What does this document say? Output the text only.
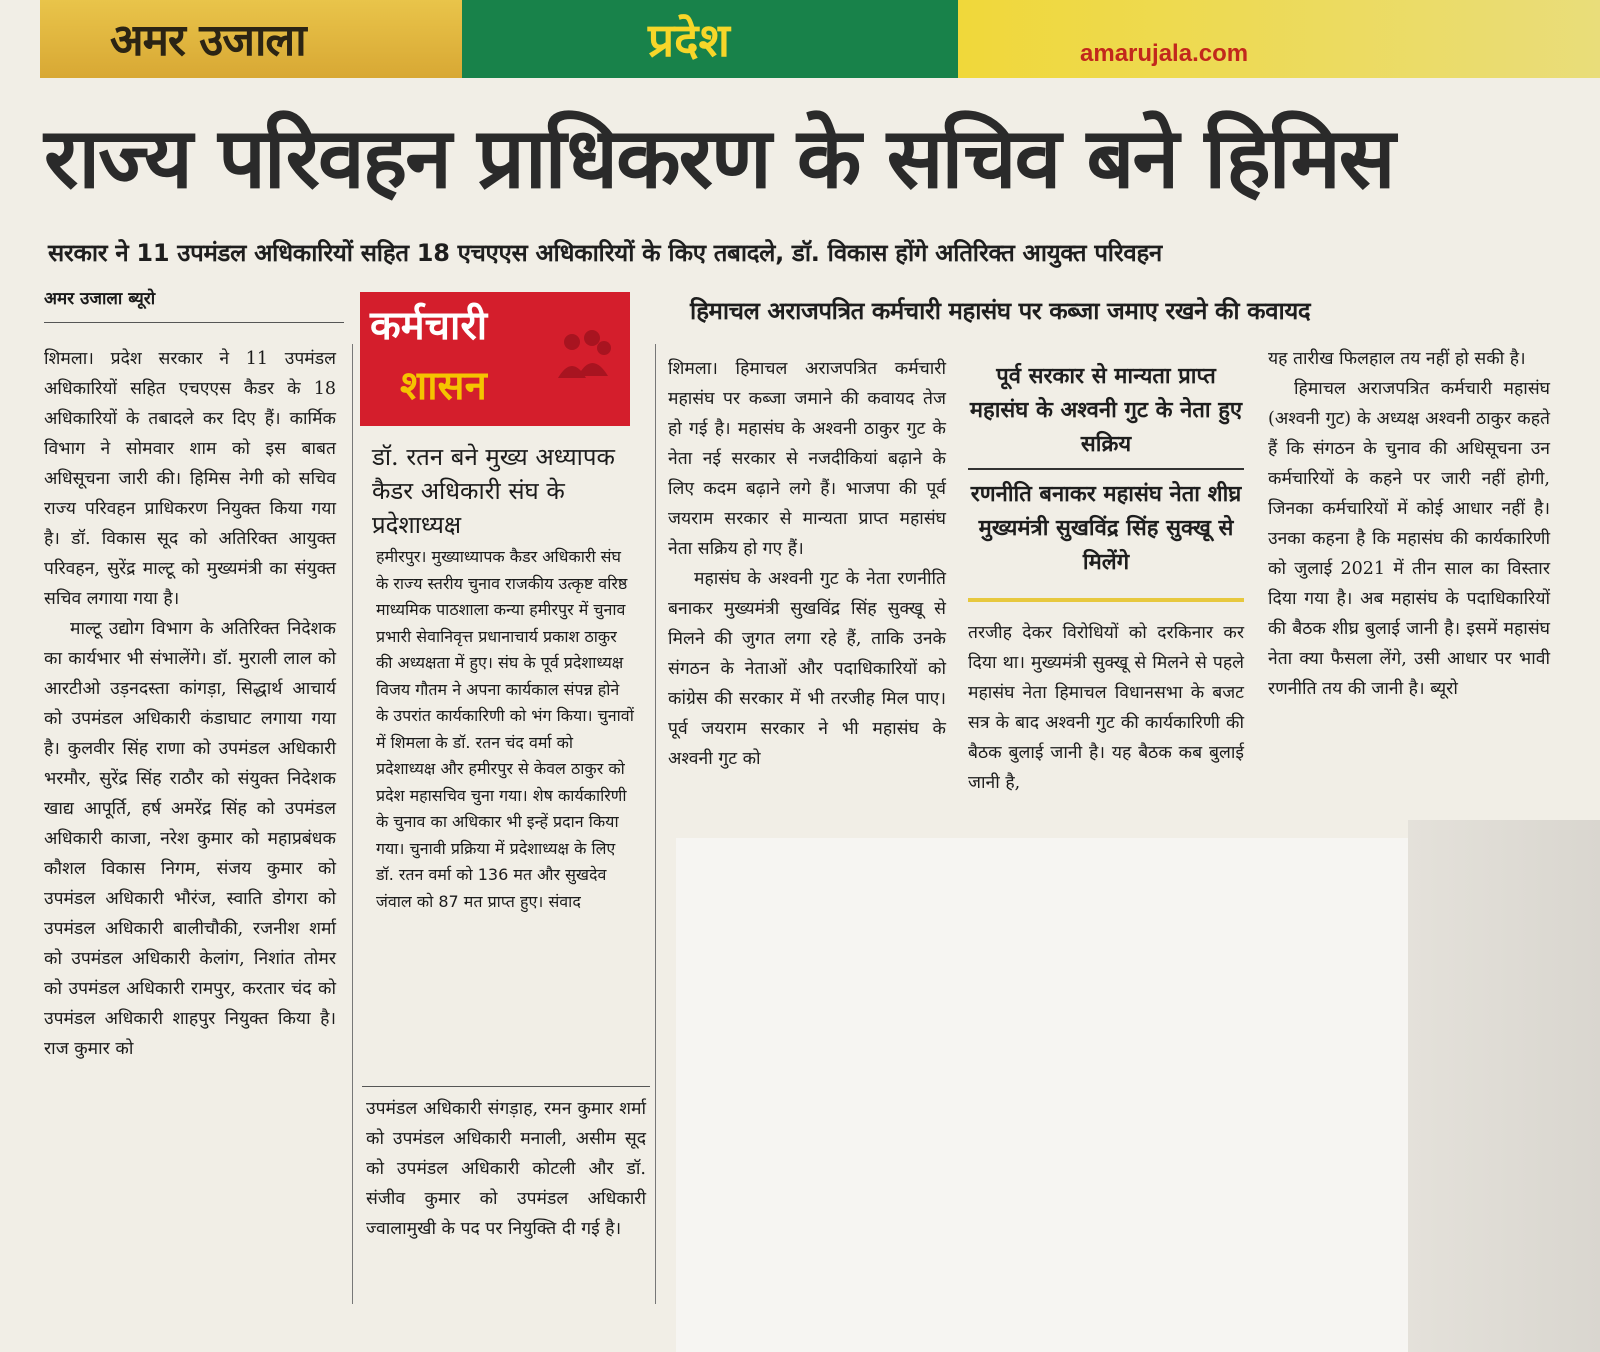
अमर उजाला	प्रदेश	amarujala.com
राज्य परिवहन प्राधिकरण के सचिव बने हिमिस
सरकार ने 11 उपमंडल अधिकारियों सहित 18 एचएएस अधिकारियों के किए तबादले, डॉ. विकास होंगे अतिरिक्त आयुक्त परिवहन
अमर उजाला ब्यूरो

शिमला। प्रदेश सरकार ने 11 उपमंडल अधिकारियों सहित एचएएस कैडर के 18 अधिकारियों के तबादले कर दिए हैं। कार्मिक विभाग ने सोमवार शाम को इस बाबत अधिसूचना जारी की। हिमिस नेगी को सचिव राज्य परिवहन प्राधिकरण नियुक्त किया गया है। डॉ. विकास सूद को अतिरिक्त आयुक्त परिवहन, सुरेंद्र माल्टू को मुख्यमंत्री का संयुक्त सचिव लगाया गया है।

माल्टू उद्योग विभाग के अतिरिक्त निदेशक का कार्यभार भी संभालेंगे। डॉ. मुराली लाल को आरटीओ उड़नदस्ता कांगड़ा, सिद्धार्थ आचार्य को उपमंडल अधिकारी कंडाघाट लगाया गया है। कुलवीर सिंह राणा को उपमंडल अधिकारी भरमौर, सुरेंद्र सिंह राठौर को संयुक्त निदेशक खाद्य आपूर्ति, हर्ष अमरेंद्र सिंह को उपमंडल अधिकारी काजा, नरेश कुमार को महाप्रबंधक कौशल विकास निगम, संजय कुमार को उपमंडल अधिकारी भौरंज, स्वाति डोगरा को उपमंडल अधिकारी बालीचौकी, रजनीश शर्मा को उपमंडल अधिकारी केलांग, निशांत तोमर को उपमंडल अधिकारी रामपुर, करतार चंद को उपमंडल अधिकारी शाहपुर नियुक्त किया है। राज कुमार को

कर्मचारी
शासन
डॉ. रतन बने मुख्य अध्यापक कैडर अधिकारी संघ के प्रदेशाध्यक्ष
हमीरपुर। मुख्याध्यापक कैडर अधिकारी संघ के राज्य स्तरीय चुनाव राजकीय उत्कृष्ट वरिष्ठ माध्यमिक पाठशाला कन्या हमीरपुर में चुनाव प्रभारी सेवानिवृत्त प्रधानाचार्य प्रकाश ठाकुर की अध्यक्षता में हुए। संघ के पूर्व प्रदेशाध्यक्ष विजय गौतम ने अपना कार्यकाल संपन्न होने के उपरांत कार्यकारिणी को भंग किया। चुनावों में शिमला के डॉ. रतन चंद वर्मा को प्रदेशाध्यक्ष और हमीरपुर से केवल ठाकुर को प्रदेश महासचिव चुना गया। शेष कार्यकारिणी के चुनाव का अधिकार भी इन्हें प्रदान किया गया। चुनावी प्रक्रिया में प्रदेशाध्यक्ष के लिए डॉ. रतन वर्मा को 136 मत और सुखदेव जंवाल को 87 मत प्राप्त हुए। संवाद
उपमंडल अधिकारी संगड़ाह, रमन कुमार शर्मा को उपमंडल अधिकारी मनाली, असीम सूद को उपमंडल अधिकारी कोटली और डॉ. संजीव कुमार को उपमंडल अधिकारी ज्वालामुखी के पद पर नियुक्ति दी गई है।
हिमाचल अराजपत्रित कर्मचारी महासंघ पर कब्जा जमाए रखने की कवायद

शिमला। हिमाचल अराजपत्रित कर्मचारी महासंघ पर कब्जा जमाने की कवायद तेज हो गई है। महासंघ के अश्वनी ठाकुर गुट के नेता नई सरकार से नजदीकियां बढ़ाने के लिए कदम बढ़ाने लगे हैं। भाजपा की पूर्व जयराम सरकार से मान्यता प्राप्त महासंघ नेता सक्रिय हो गए हैं।

महासंघ के अश्वनी गुट के नेता रणनीति बनाकर मुख्यमंत्री सुखविंद्र सिंह सुक्खू से मिलने की जुगत लगा रहे हैं, ताकि उनके संगठन के नेताओं और पदाधिकारियों को कांग्रेस की सरकार में भी तरजीह मिल पाए। पूर्व जयराम सरकार ने भी महासंघ के अश्वनी गुट को

पूर्व सरकार से मान्यता प्राप्त महासंघ के अश्वनी गुट के नेता हुए सक्रिय
रणनीति बनाकर महासंघ नेता शीघ्र मुख्यमंत्री सुखविंद्र सिंह सुक्खू से मिलेंगे
तरजीह देकर विरोधियों को दरकिनार कर दिया था। मुख्यमंत्री सुक्खू से मिलने से पहले महासंघ नेता हिमाचल विधानसभा के बजट सत्र के बाद अश्वनी गुट की कार्यकारिणी की बैठक बुलाई जानी है। यह बैठक कब बुलाई जानी है,

यह तारीख फिलहाल तय नहीं हो सकी है।

हिमाचल अराजपत्रित कर्मचारी महासंघ (अश्वनी गुट) के अध्यक्ष अश्वनी ठाकुर कहते हैं कि संगठन के चुनाव की अधिसूचना उन कर्मचारियों के कहने पर जारी नहीं होगी, जिनका कर्मचारियों में कोई आधार नहीं है। उनका कहना है कि महासंघ की कार्यकारिणी को जुलाई 2021 में तीन साल का विस्तार दिया गया है। अब महासंघ के पदाधिकारियों की बैठक शीघ्र बुलाई जानी है। इसमें महासंघ नेता क्या फैसला लेंगे, उसी आधार पर भावी रणनीति तय की जानी है। ब्यूरो
